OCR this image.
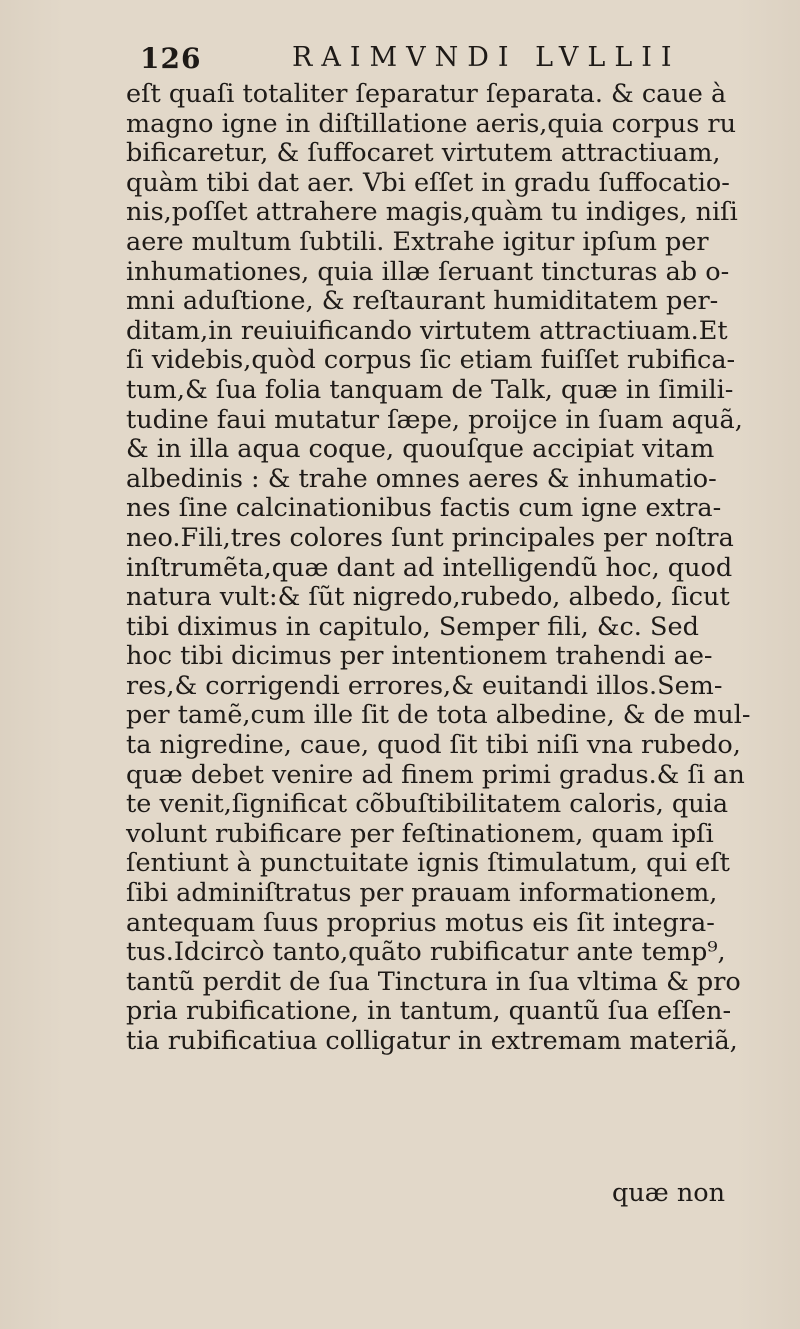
126	RAIMVNDI LVLLII
eſt quaſi totaliter ſeparatur ſeparata. & caue à
magno igne in diſtillatione aeris,quia corpus ru
bificaretur, & ſuffocaret virtutem attractiuam,
quàm tibi dat aer. Vbi eſſet in gradu ſuffocatio-
nis,poſſet attrahere magis,quàm tu indiges, niſi
aere multum ſubtili. Extrahe igitur ipſum per
inhumationes, quia illæ ſeruant tincturas ab o-
mni aduſtione, & reſtaurant humiditatem per-
ditam,in reuiuificando virtutem attractiuam.Et
ſi videbis,quòd corpus ſic etiam fuiſſet rubifica-
tum,& ſua folia tanquam de Talk, quæ in ſimili-
tudine faui mutatur ſæpe, proijce in ſuam aquã,
& in illa aqua coque, quouſque accipiat vitam
albedinis : & trahe omnes aeres & inhumatio-
nes ſine calcinationibus factis cum igne extra-
neo.Fili,tres colores ſunt principales per noſtra
inſtrumẽta,quæ dant ad intelligendũ hoc, quod
natura vult:& ſũt nigredo,rubedo, albedo, ſicut
tibi diximus in capitulo, Semper fili, &c. Sed
hoc tibi dicimus per intentionem trahendi ae-
res,& corrigendi errores,& euitandi illos.Sem-
per tamẽ,cum ille ſit de tota albedine, & de mul-
ta nigredine, caue, quod ſit tibi niſi vna rubedo,
quæ debet venire ad finem primi gradus.& ſi an
te venit,ſignificat cõbuſtibilitatem caloris, quia
volunt rubificare per feſtinationem, quam ipſi
ſentiunt à punctuitate ignis ſtimulatum, qui eſt
ſibi adminiſtratus per prauam informationem,
antequam ſuus proprius motus eis ſit integra-
tus.Idcircò tanto,quãto rubificatur ante temp⁹,
tantũ perdit de ſua Tinctura in ſua vltima & pro
pria rubificatione, in tantum, quantũ ſua eſſen-
tia rubificatiua colligatur in extremam materiã,
quæ non
